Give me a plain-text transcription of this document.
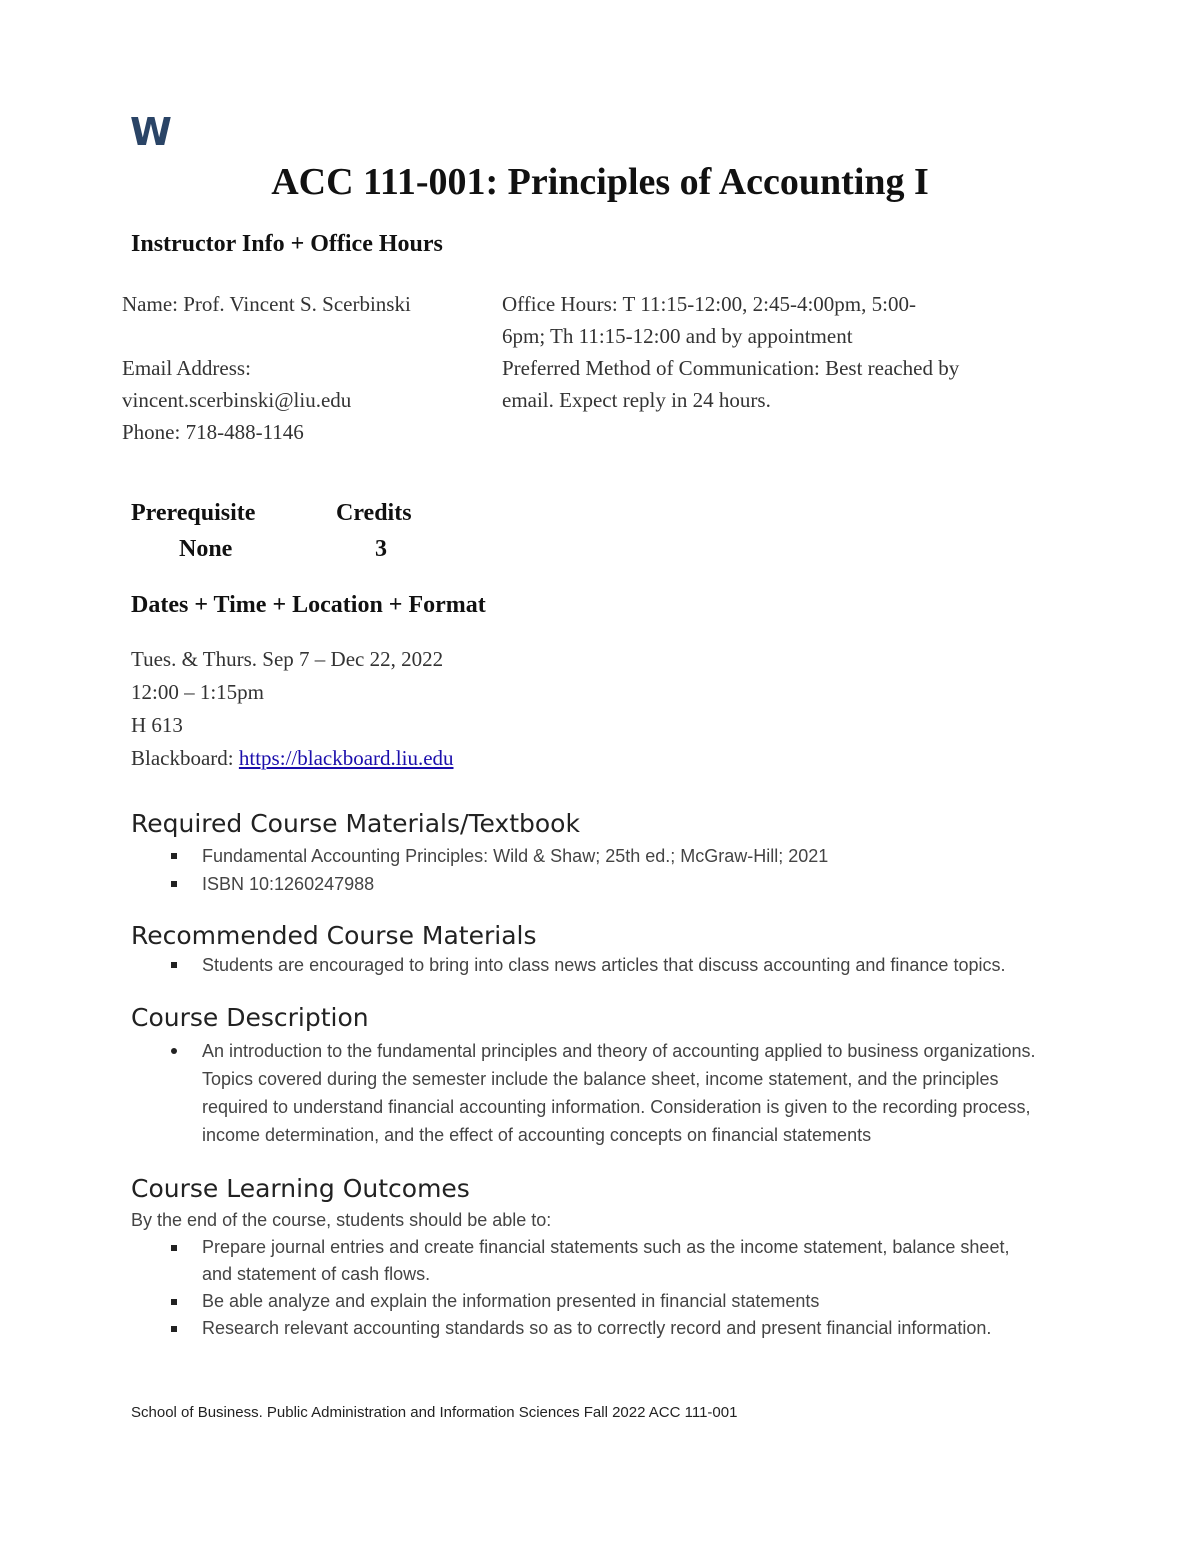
W
ACC 111-001: Principles of Accounting I
Instructor Info + Office Hours
Name: Prof. Vincent S. Scerbinski
Email Address:
vincent.scerbinski@liu.edu
Phone: 718-488-1146
Office Hours: T 11:15-12:00, 2:45-4:00pm, 5:00-
6pm; Th 11:15-12:00 and by appointment
Preferred Method of Communication: Best reached by
email. Expect reply in 24 hours.
Prerequisite	Credits
None	3
Dates + Time + Location + Format
Tues. & Thurs. Sep 7 – Dec 22, 2022
12:00 – 1:15pm
H 613
Blackboard: https://blackboard.liu.edu
Required Course Materials/Textbook
Fundamental Accounting Principles: Wild & Shaw; 25th ed.; McGraw-Hill; 2021
ISBN 10:1260247988
Recommended Course Materials
Students are encouraged to bring into class news articles that discuss accounting and finance topics.
Course Description
An introduction to the fundamental principles and theory of accounting applied to business organizations.
Topics covered during the semester include the balance sheet, income statement, and the principles
required to understand financial accounting information. Consideration is given to the recording process,
income determination, and the effect of accounting concepts on financial statements
Course Learning Outcomes
By the end of the course, students should be able to:
Prepare journal entries and create financial statements such as the income statement, balance sheet,
and statement of cash flows.
Be able analyze and explain the information presented in financial statements
Research relevant accounting standards so as to correctly record and present financial information.
School of Business. Public Administration and Information Sciences Fall 2022 ACC 111-001
